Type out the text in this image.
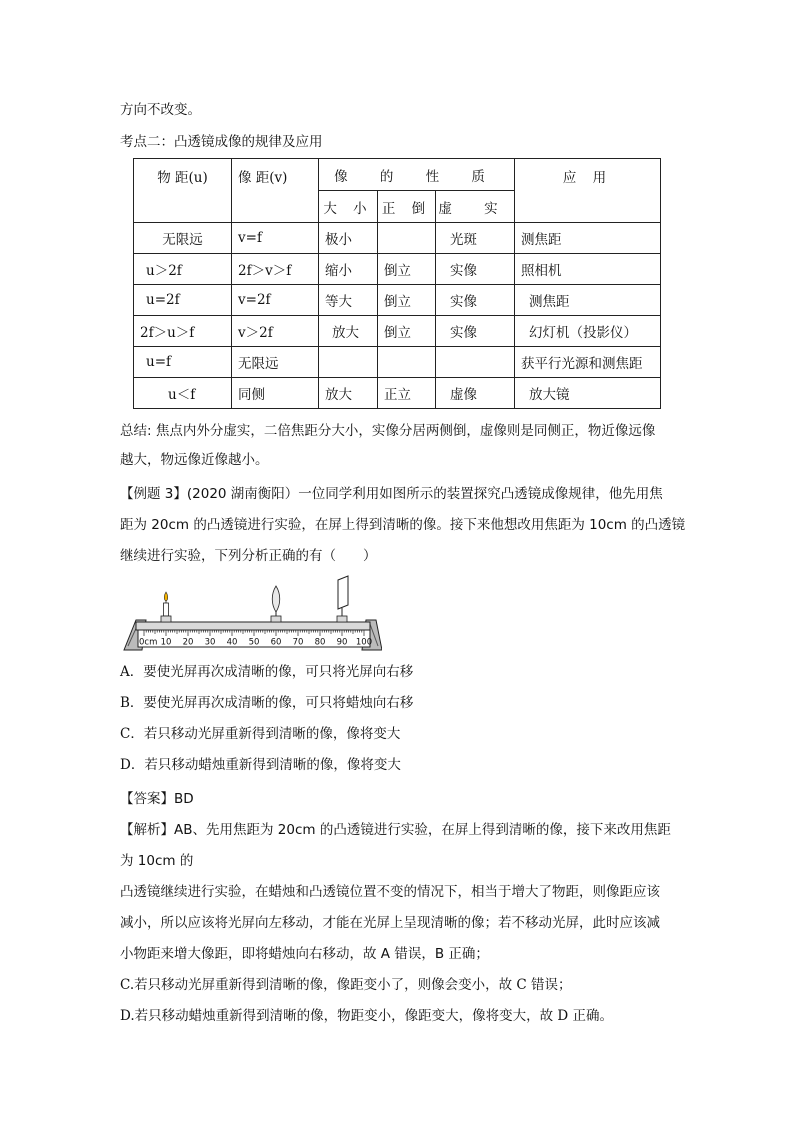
方向不改变。
考点二：凸透镜成像的规律及应用
物 距(u)	像 距(v)	像 的 性 质			应 用
		大 小	正 倒	虚 实	
无限远	v=f	极小		光斑	测焦距
u＞2f	2f＞v＞f	缩小	倒立	实像	照相机
u=2f	v=2f	等大	倒立	实像	测焦距
2f＞u＞f	v＞2f	放大	倒立	实像	幻灯机（投影仪）
u=f	无限远				获平行光源和测焦距
u＜f	同侧	放大	正立	虚像	放大镜
总结: 焦点内外分虚实，二倍焦距分大小，实像分居两侧倒，虚像则是同侧正，物近像远像
越大，物远像近像越小。
【例题 3】(2020 湖南衡阳）一位同学利用如图所示的装置探究凸透镜成像规律，他先用焦
距为 20cm 的凸透镜进行实验，在屏上得到清晰的像。接下来他想改用焦距为 10cm 的凸透镜
继续进行实验，下列分析正确的有（　　）
0cm 10 20 30 40 50 60 70 80 90 100
A．要使光屏再次成清晰的像，可只将光屏向右移
B．要使光屏再次成清晰的像，可只将蜡烛向右移
C．若只移动光屏重新得到清晰的像，像将变大
D．若只移动蜡烛重新得到清晰的像，像将变大
【答案】BD
【解析】AB、先用焦距为 20cm 的凸透镜进行实验，在屏上得到清晰的像，接下来改用焦距
为 10cm 的
凸透镜继续进行实验，在蜡烛和凸透镜位置不变的情况下，相当于增大了物距，则像距应该
减小，所以应该将光屏向左移动，才能在光屏上呈现清晰的像；若不移动光屏，此时应该减
小物距来增大像距，即将蜡烛向右移动，故 A 错误，B 正确；
C.若只移动光屏重新得到清晰的像，像距变小了，则像会变小，故 C 错误；
D.若只移动蜡烛重新得到清晰的像，物距变小，像距变大，像将变大，故 D 正确。
